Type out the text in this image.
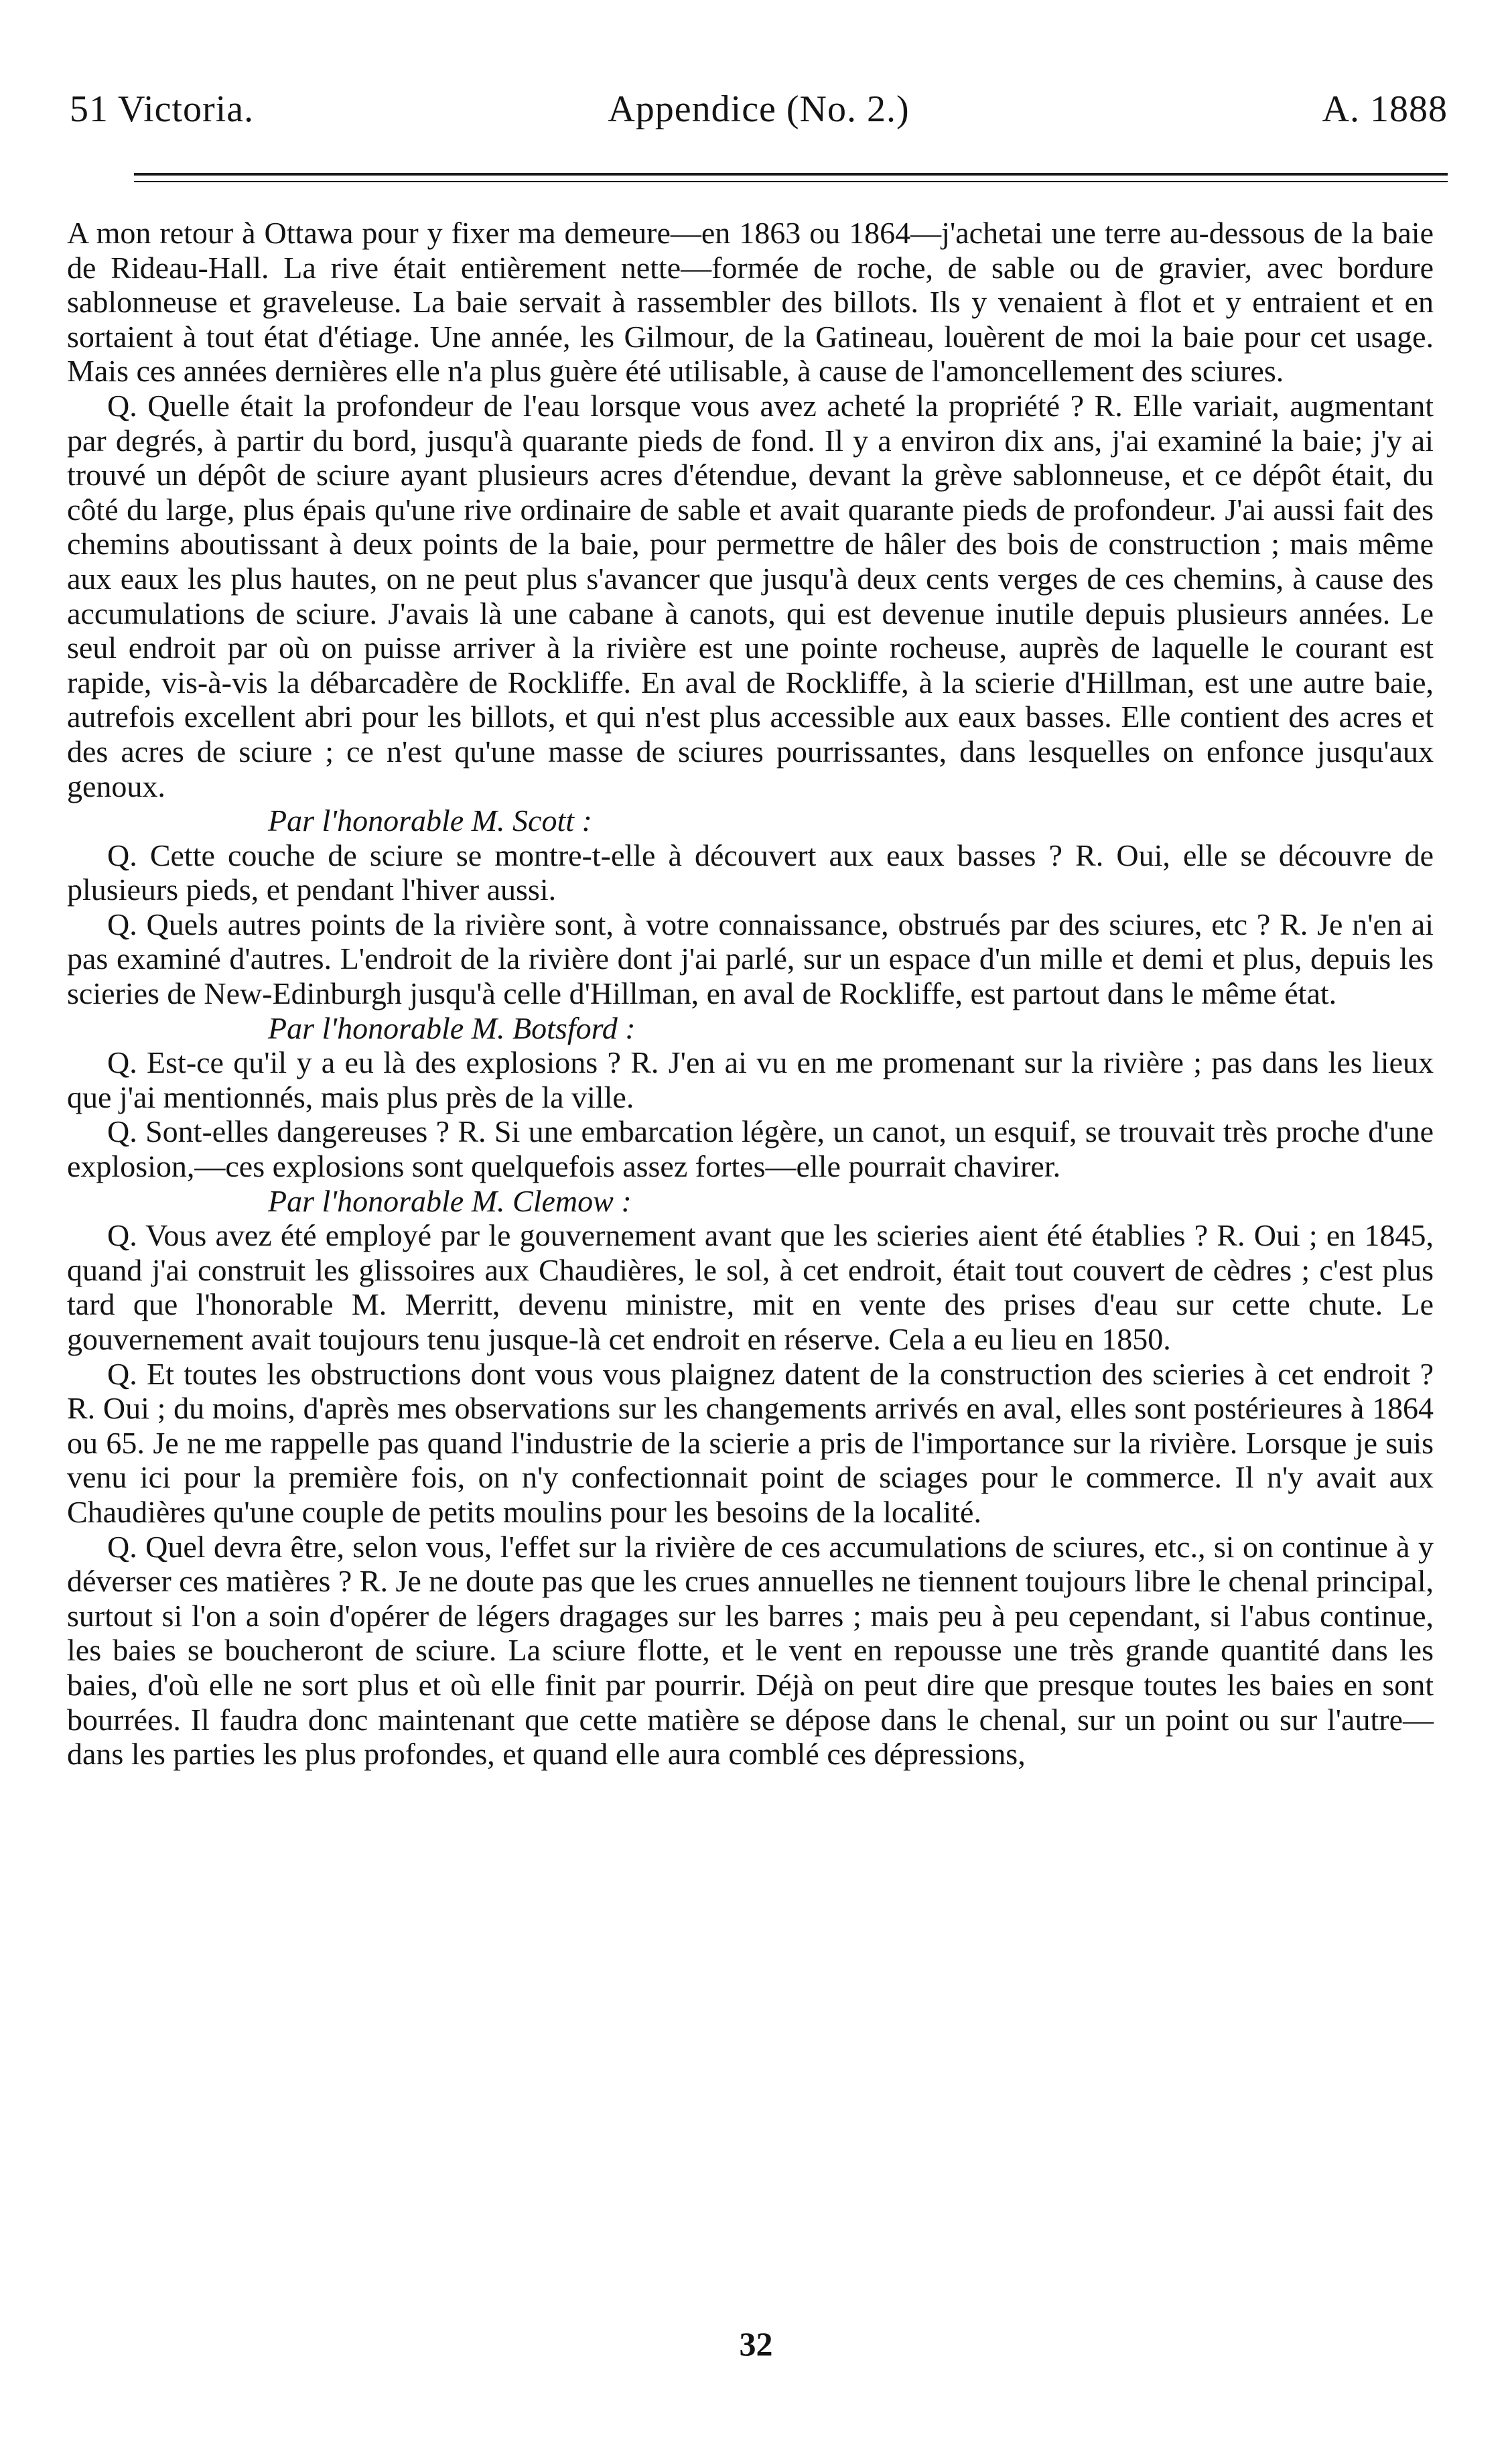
51 Victoria.	Appendice (No. 2.)	A. 1888

A mon retour à Ottawa pour y fixer ma demeure—en 1863 ou 1864—j'achetai une terre au-dessous de la baie de Rideau-Hall. La rive était entièrement nette—formée de roche, de sable ou de gravier, avec bordure sablonneuse et graveleuse. La baie servait à rassembler des billots. Ils y venaient à flot et y entraient et en sortaient à tout état d'étiage. Une année, les Gilmour, de la Gatineau, louèrent de moi la baie pour cet usage. Mais ces années dernières elle n'a plus guère été utilisable, à cause de l'amoncellement des sciures.

Q. Quelle était la profondeur de l'eau lorsque vous avez acheté la propriété ? R. Elle variait, augmentant par degrés, à partir du bord, jusqu'à quarante pieds de fond. Il y a environ dix ans, j'ai examiné la baie; j'y ai trouvé un dépôt de sciure ayant plusieurs acres d'étendue, devant la grève sablonneuse, et ce dépôt était, du côté du large, plus épais qu'une rive ordinaire de sable et avait quarante pieds de profondeur. J'ai aussi fait des chemins aboutissant à deux points de la baie, pour permettre de hâler des bois de construction ; mais même aux eaux les plus hautes, on ne peut plus s'avancer que jusqu'à deux cents verges de ces chemins, à cause des accumulations de sciure. J'avais là une cabane à canots, qui est devenue inutile depuis plusieurs années. Le seul endroit par où on puisse arriver à la rivière est une pointe rocheuse, auprès de laquelle le courant est rapide, vis-à-vis la débarcadère de Rockliffe. En aval de Rockliffe, à la scierie d'Hillman, est une autre baie, autrefois excellent abri pour les billots, et qui n'est plus accessible aux eaux basses. Elle contient des acres et des acres de sciure ; ce n'est qu'une masse de sciures pourrissantes, dans lesquelles on enfonce jusqu'aux genoux.

Par l'honorable M. Scott :

Q. Cette couche de sciure se montre-t-elle à découvert aux eaux basses ? R. Oui, elle se découvre de plusieurs pieds, et pendant l'hiver aussi.

Q. Quels autres points de la rivière sont, à votre connaissance, obstrués par des sciures, etc ? R. Je n'en ai pas examiné d'autres. L'endroit de la rivière dont j'ai parlé, sur un espace d'un mille et demi et plus, depuis les scieries de New-Edinburgh jusqu'à celle d'Hillman, en aval de Rockliffe, est partout dans le même état.

Par l'honorable M. Botsford :

Q. Est-ce qu'il y a eu là des explosions ? R. J'en ai vu en me promenant sur la rivière ; pas dans les lieux que j'ai mentionnés, mais plus près de la ville.

Q. Sont-elles dangereuses ? R. Si une embarcation légère, un canot, un esquif, se trouvait très proche d'une explosion,—ces explosions sont quelquefois assez fortes—elle pourrait chavirer.

Par l'honorable M. Clemow :

Q. Vous avez été employé par le gouvernement avant que les scieries aient été établies ? R. Oui ; en 1845, quand j'ai construit les glissoires aux Chaudières, le sol, à cet endroit, était tout couvert de cèdres ; c'est plus tard que l'honorable M. Merritt, devenu ministre, mit en vente des prises d'eau sur cette chute. Le gouvernement avait toujours tenu jusque-là cet endroit en réserve. Cela a eu lieu en 1850.

Q. Et toutes les obstructions dont vous vous plaignez datent de la construction des scieries à cet endroit ? R. Oui ; du moins, d'après mes observations sur les changements arrivés en aval, elles sont postérieures à 1864 ou 65. Je ne me rappelle pas quand l'industrie de la scierie a pris de l'importance sur la rivière. Lorsque je suis venu ici pour la première fois, on n'y confectionnait point de sciages pour le commerce. Il n'y avait aux Chaudières qu'une couple de petits moulins pour les besoins de la localité.

Q. Quel devra être, selon vous, l'effet sur la rivière de ces accumulations de sciures, etc., si on continue à y déverser ces matières ? R. Je ne doute pas que les crues annuelles ne tiennent toujours libre le chenal principal, surtout si l'on a soin d'opérer de légers dragages sur les barres ; mais peu à peu cependant, si l'abus continue, les baies se boucheront de sciure. La sciure flotte, et le vent en repousse une très grande quantité dans les baies, d'où elle ne sort plus et où elle finit par pourrir. Déjà on peut dire que presque toutes les baies en sont bourrées. Il faudra donc maintenant que cette matière se dépose dans le chenal, sur un point ou sur l'autre—dans les parties les plus profondes, et quand elle aura comblé ces dépressions,

32
